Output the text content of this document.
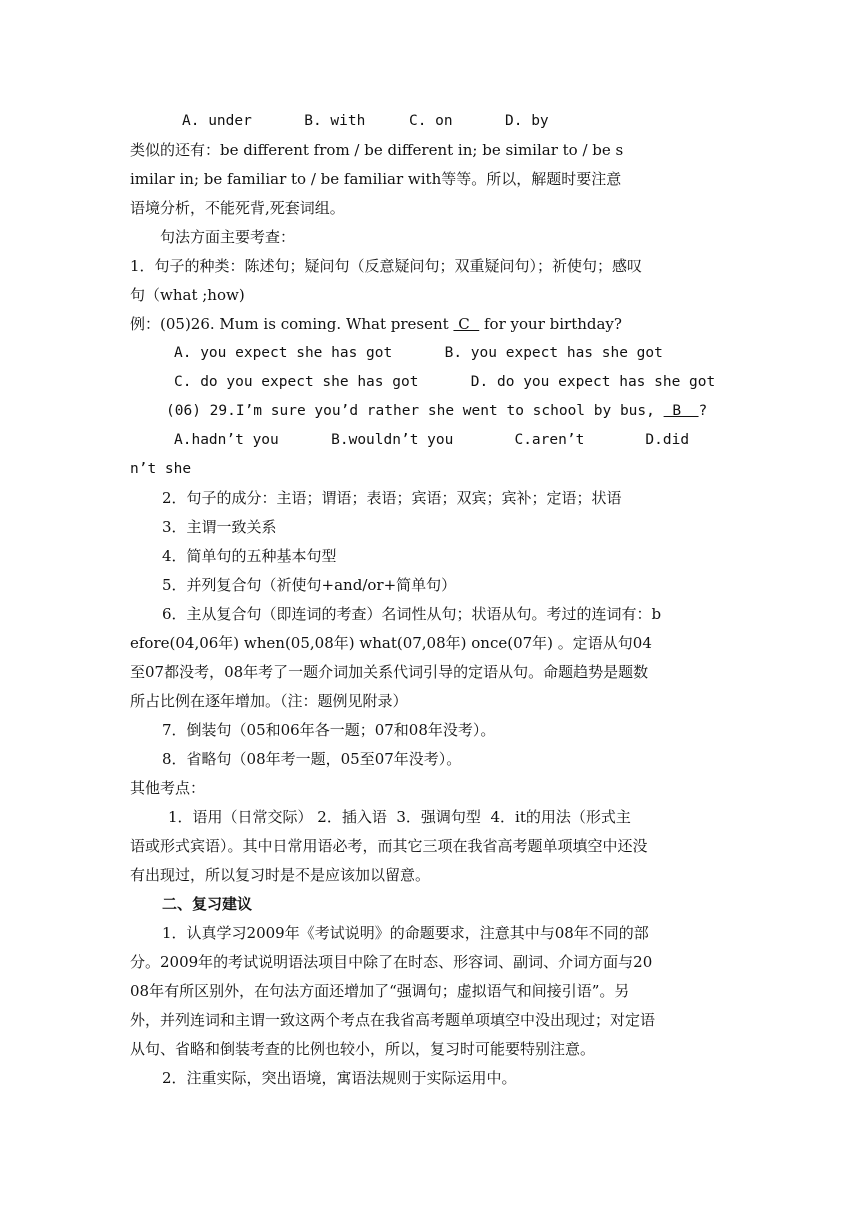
A. under      B. with     C. on      D. by
类似的还有：be different from / be different in; be similar to / be s
imilar in; be familiar to / be familiar with等等。所以，解题时要注意
语境分析，不能死背,死套词组。
句法方面主要考查：
1．句子的种类：陈述句；疑问句（反意疑问句；双重疑问句）；祈使句；感叹
句（what ;how)
例：(05)26. Mum is coming. What present  C   for your birthday?
A. you expect she has got      B. you expect has she got
C. do you expect she has got      D. do you expect has she got
(06) 29.I’m sure you’d rather she went to school by bus,  B  ?
A.hadn’t you      B.wouldn’t you       C.aren’t       D.did
n’t she
2．句子的成分：主语；谓语；表语；宾语；双宾；宾补；定语；状语
3．主谓一致关系
4．简单句的五种基本句型
5．并列复合句（祈使句+and/or+简单句）
6．主从复合句（即连词的考查）名词性从句；状语从句。考过的连词有：b
efore(04,06年) when(05,08年) what(07,08年) once(07年) 。定语从句04
至07都没考，08年考了一题介词加关系代词引导的定语从句。命题趋势是题数
所占比例在逐年增加。（注：题例见附录）
7．倒装句（05和06年各一题；07和08年没考）。
8．省略句（08年考一题，05至07年没考）。
其他考点：
1．语用（日常交际） 2．插入语  3．强调句型  4．it的用法（形式主
语或形式宾语）。其中日常用语必考，而其它三项在我省高考题单项填空中还没
有出现过，所以复习时是不是应该加以留意。
二、复习建议
1．认真学习2009年《考试说明》的命题要求，注意其中与08年不同的部
分。2009年的考试说明语法项目中除了在时态、形容词、副词、介词方面与20
08年有所区别外，在句法方面还增加了“强调句；虚拟语气和间接引语”。另
外，并列连词和主谓一致这两个考点在我省高考题单项填空中没出现过；对定语
从句、省略和倒装考查的比例也较小，所以，复习时可能要特别注意。
2．注重实际，突出语境，寓语法规则于实际运用中。
